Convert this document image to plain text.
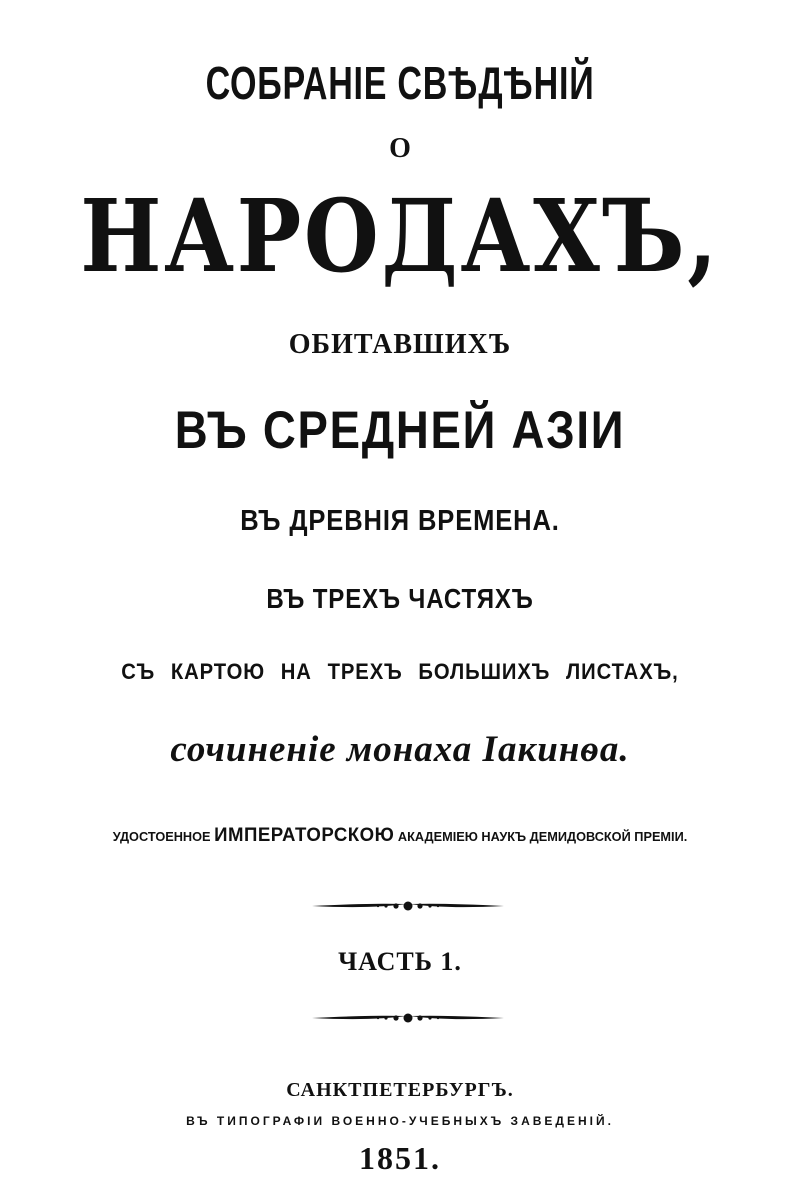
СОБРАНІЕ СВѢДѢНІЙ
О
НАРОДАХЪ,
ОБИТАВШИХЪ
ВЪ СРЕДНЕЙ АЗІИ
ВЪ ДРЕВНІЯ ВРЕМЕНА.
ВЪ ТРЕХЪ ЧАСТЯХЪ
СЪ КАРТОЮ НА ТРЕХЪ БОЛЬШИХЪ ЛИСТАХЪ,
сочиненіе монаха Іакинѳа.
УДОСТОЕННОЕ ИМПЕРАТОРСКОЮ АКАДЕМІЕЮ НАУКЪ ДЕМИДОВСКОЙ ПРЕМІИ.
ЧАСТЬ 1.
САНКТПЕТЕРБУРГЪ.
ВЪ ТИПОГРАФІИ ВОЕННО-УЧЕБНЫХЪ ЗАВЕДЕНІЙ.
1851.
